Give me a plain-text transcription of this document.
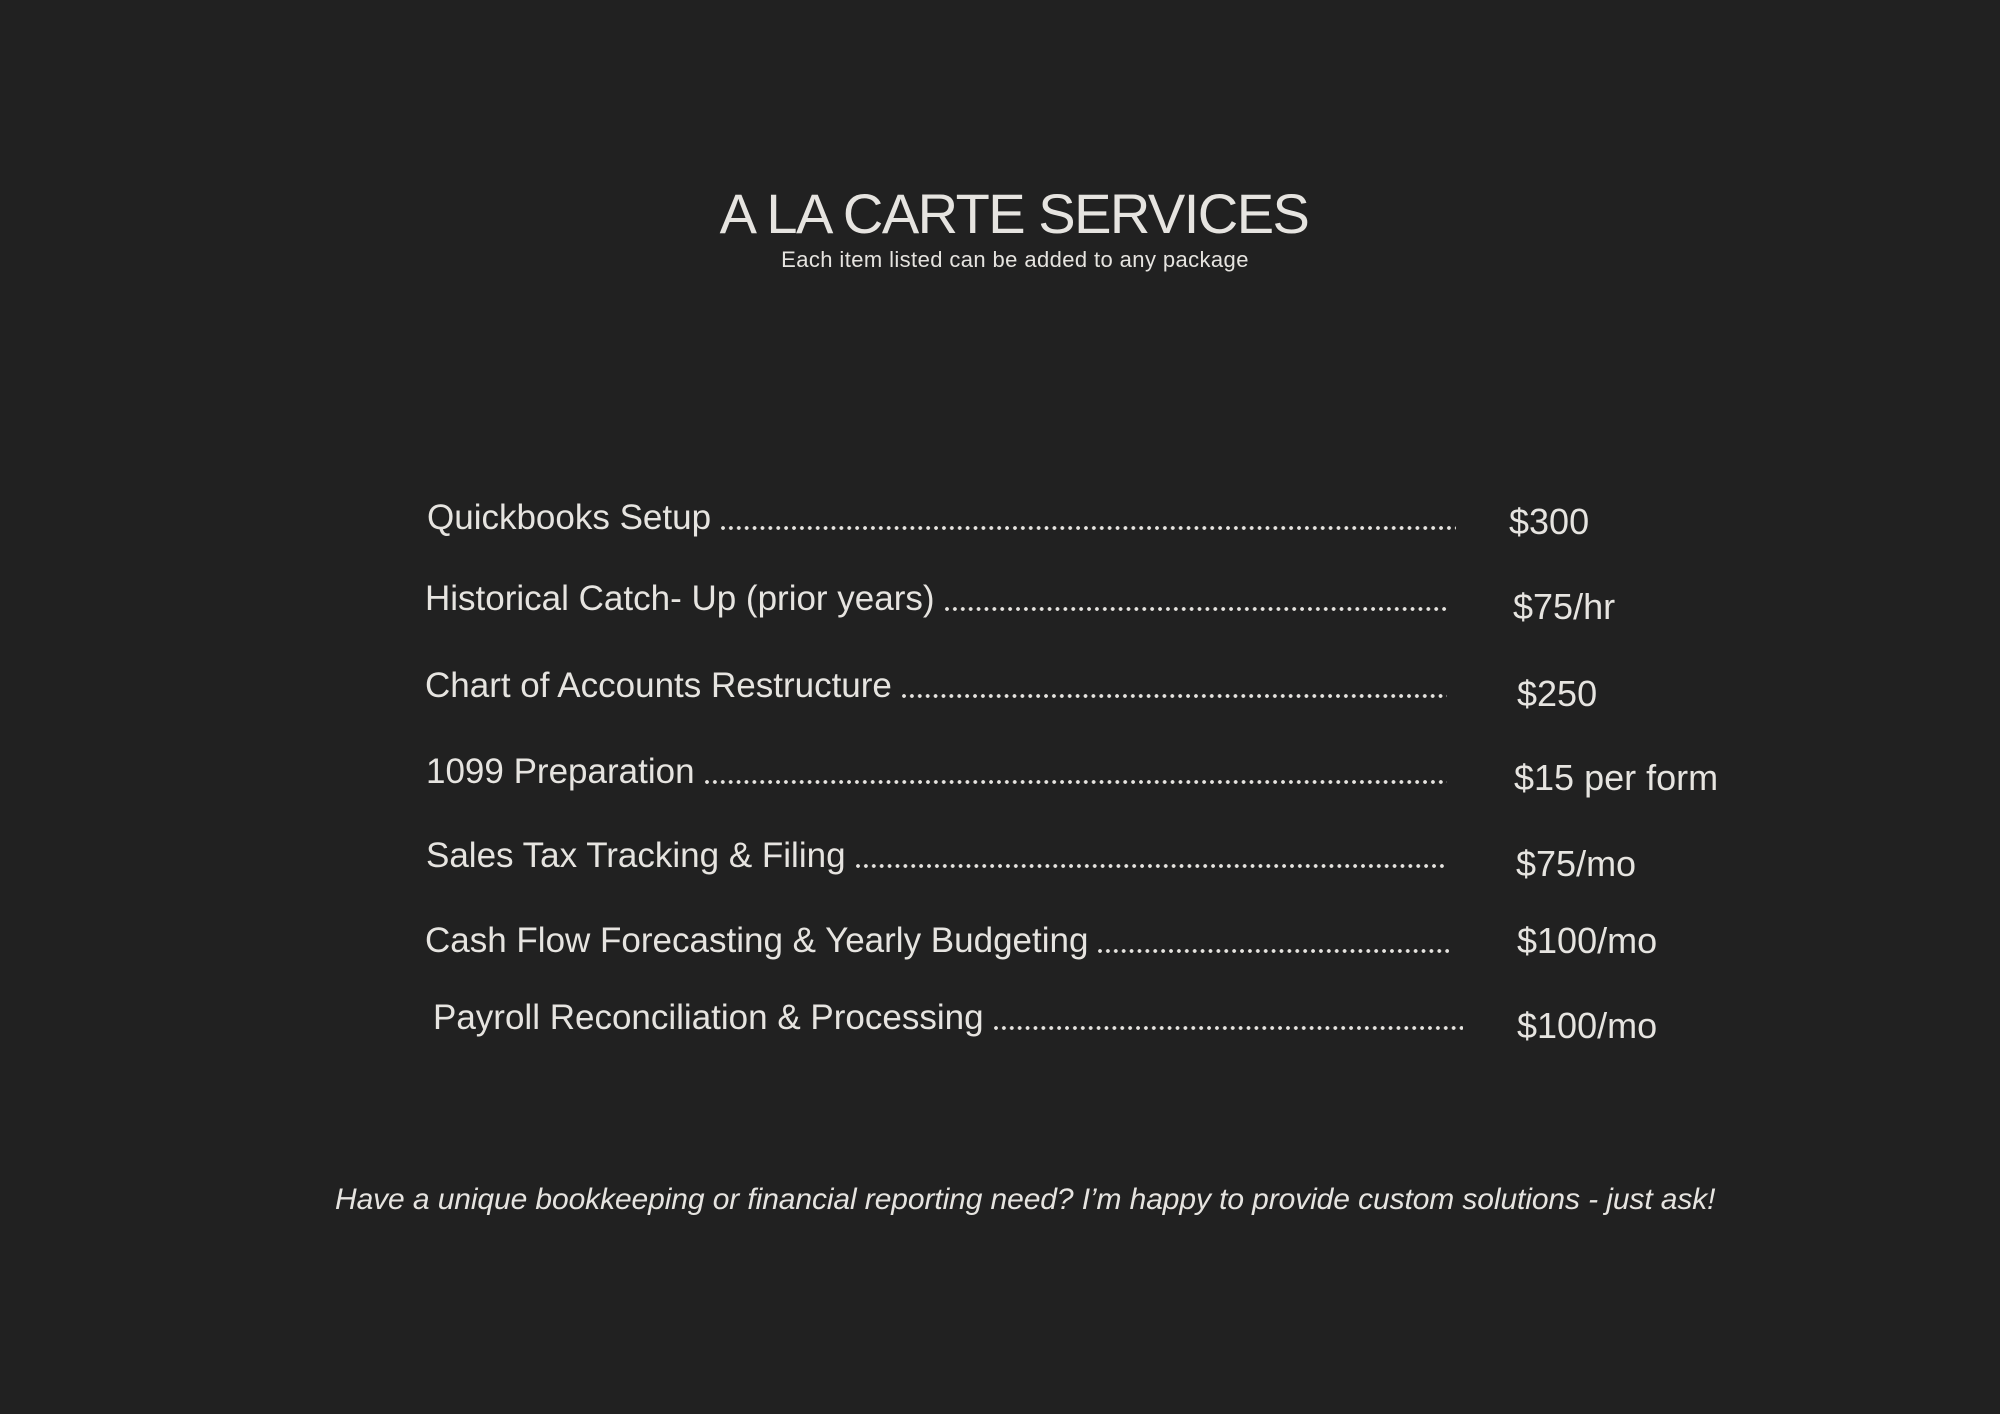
A LA CARTE SERVICES
Each item listed can be added to any package
Quickbooks Setup	$300
Historical Catch- Up (prior years)	$75/hr
Chart of Accounts Restructure	$250
1099 Preparation	$15 per form
Sales Tax Tracking & Filing	$75/mo
Cash Flow Forecasting & Yearly Budgeting	$100/mo
Payroll Reconciliation & Processing	$100/mo
Have a unique bookkeeping or financial reporting need? I’m happy to provide custom solutions - just ask!
